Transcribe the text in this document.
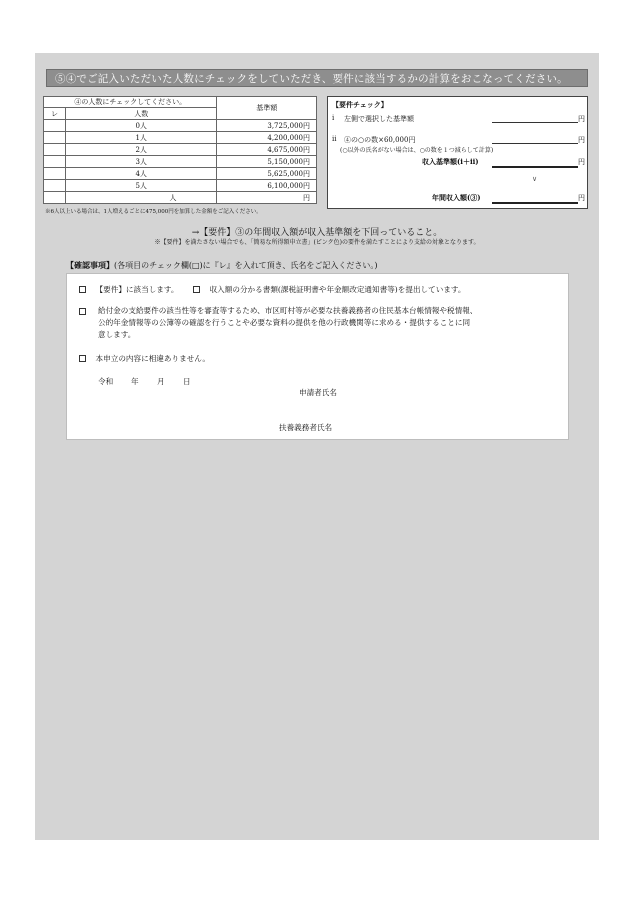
⑤④でご記入いただいた人数にチェックをしていただき、要件に該当するかの計算をおこなってください。
④の人数にチェックしてください。		基準額
レ	人数	
	0人	3,725,000円
	1人	4,200,000円
	2人	4,675,000円
	3人	5,150,000円
	4人	5,625,000円
	5人	6,100,000円
	人	円
※6人以上いる場合は、1人増えるごとに475,000円を加算した金額をご記入ください。
【要件チェック】
i 左側で選択した基準額	円
ii ④の○の数×60,000円	円
(○以外の氏名がない場合は、○の数を１つ減らして計算)
収入基準額(i＋ii)	円
∨
年間収入額(③)	円
→【要件】③の年間収入額が収入基準額を下回っていること。
※【要件】を満たさない場合でも、「簡易な所得額申立書」(ピンク色)の要件を満たすことにより支給の対象となります。
【確認事項】(各項目のチェック欄(□)に『レ』を入れて頂き、氏名をご記入ください。)
【要件】に該当します。	収入額の分かる書類(課税証明書や年金額改定通知書等)を提出しています。
給付金の支給要件の該当性等を審査等するため、市区町村等が必要な扶養義務者の住民基本台帳情報や税情報、
公的年金情報等の公簿等の確認を行うことや必要な資料の提供を他の行政機関等に求める・提供することに同
意します。
本申立の内容に相違ありません。
令和 年 月 日
申請者氏名
扶養義務者氏名
